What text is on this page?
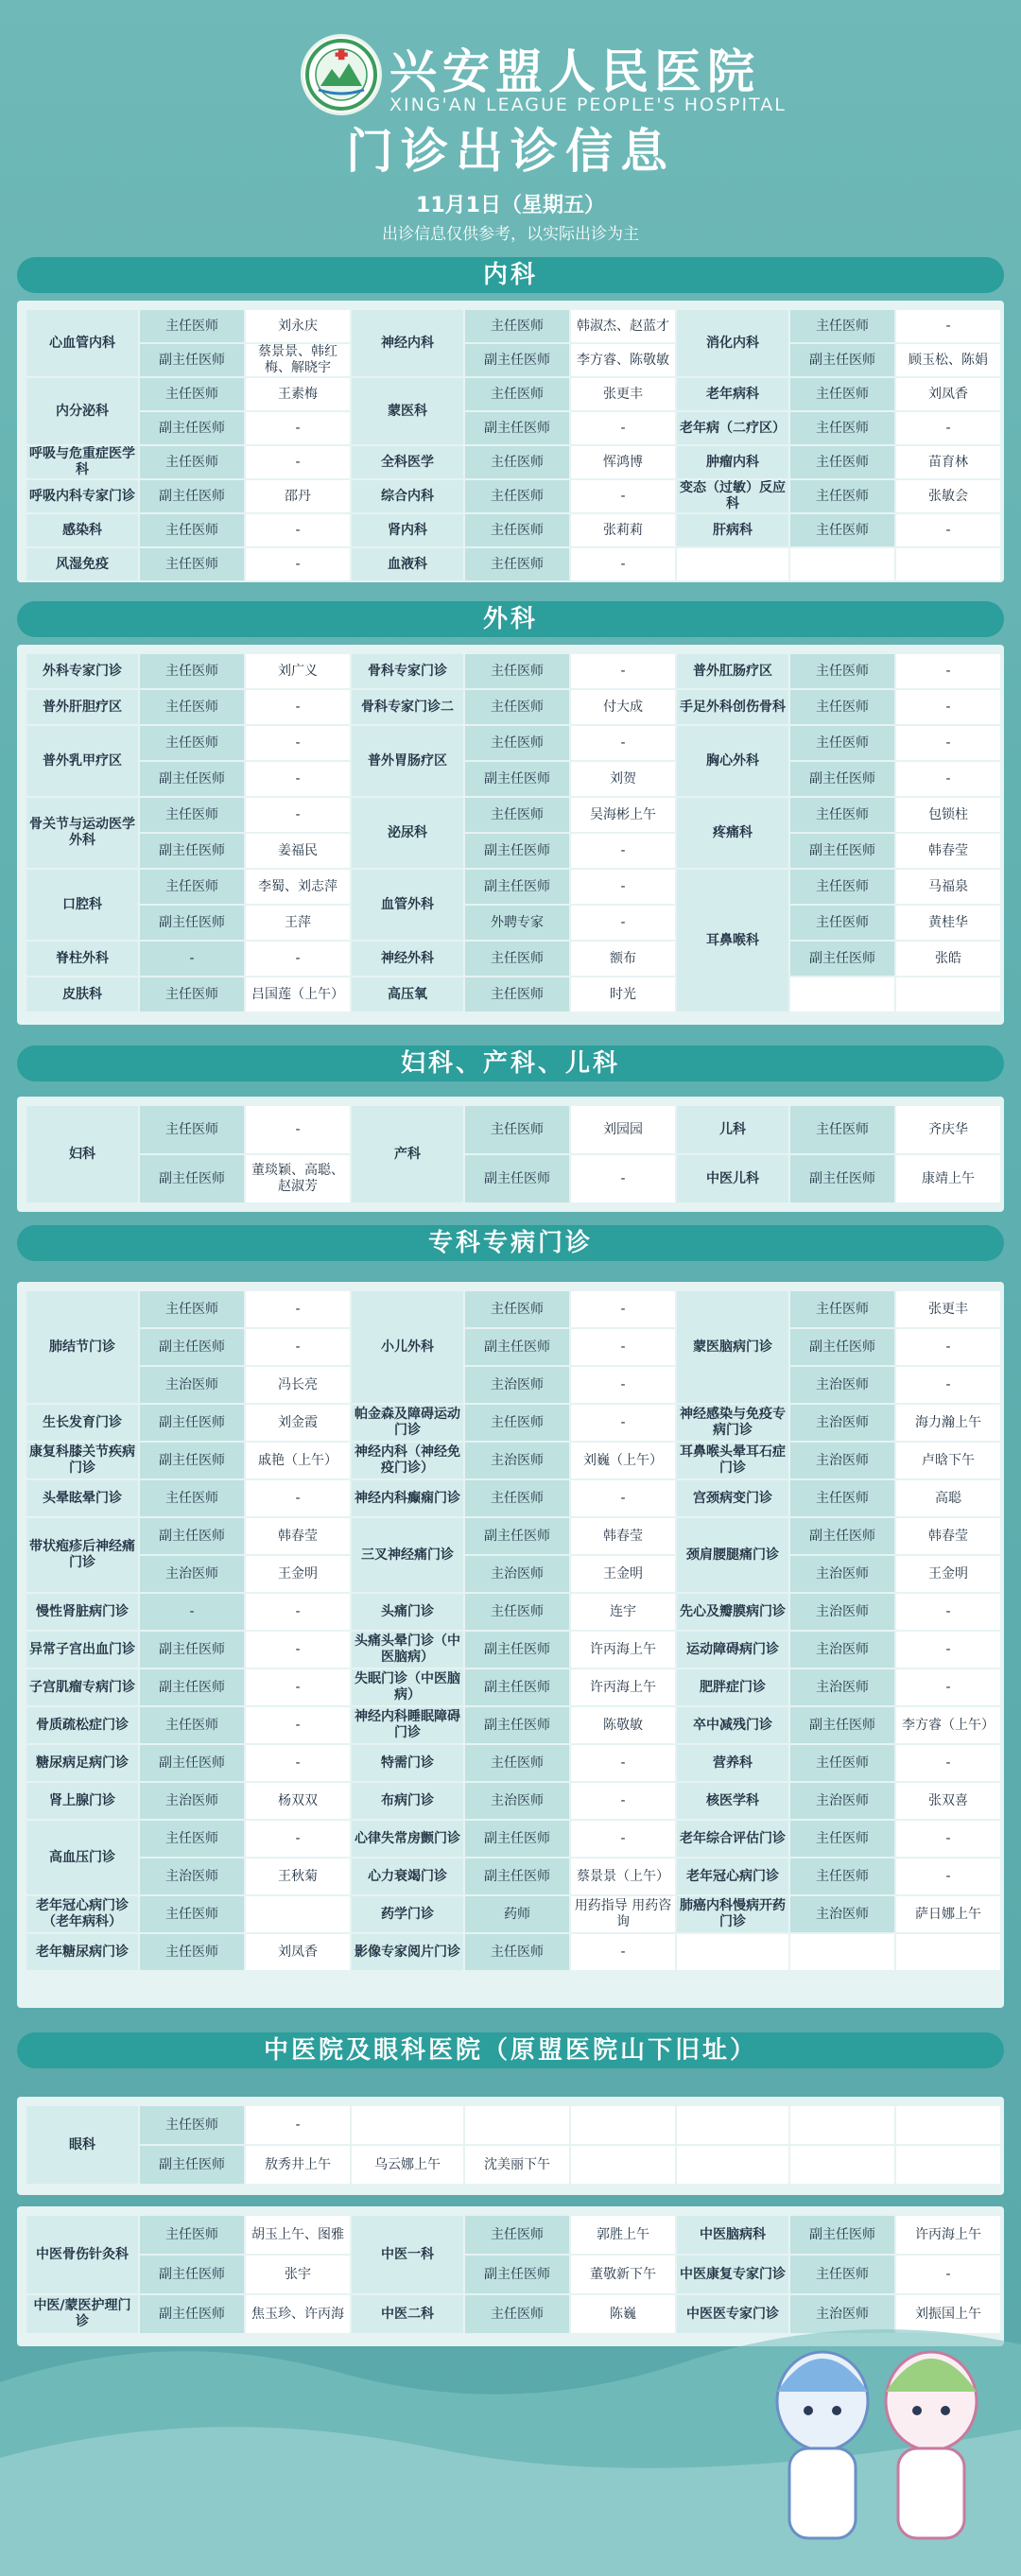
兴安盟人民医院
XING'AN LEAGUE PEOPLE'S HOSPITAL
门诊出诊信息
11月1日（星期五）
出诊信息仅供参考，以实际出诊为主
内科
心血管内科	主任医师	刘永庆	神经内科	主任医师	韩淑杰、赵蓝才	消化内科	主任医师	-
	副主任医师	蔡景景、韩红梅、解晓宇		副主任医师	李方睿、陈敬敏		副主任医师	顾玉松、陈娟
内分泌科	主任医师	王素梅	蒙医科	主任医师	张更丰	老年病科	主任医师	刘凤香
	副主任医师	-		副主任医师	-	老年病（二疗区）	主任医师	-
呼吸与危重症医学科	主任医师	-	全科医学	主任医师	恽鸿博	肿瘤内科	主任医师	苗育林
呼吸内科专家门诊	副主任医师	邵丹	综合内科	主任医师	-	变态（过敏）反应科	主任医师	张敏会
感染科	主任医师	-	肾内科	主任医师	张莉莉	肝病科	主任医师	-
风湿免疫	主任医师	-	血液科	主任医师	-			
外科
外科专家门诊	主任医师	刘广义	骨科专家门诊	主任医师	-	普外肛肠疗区	主任医师	-
普外肝胆疗区	主任医师	-	骨科专家门诊二	主任医师	付大成	手足外科创伤骨科	主任医师	-
普外乳甲疗区	主任医师	-	普外胃肠疗区	主任医师	-	胸心外科	主任医师	-
	副主任医师	-		副主任医师	刘贺		副主任医师	-
骨关节与运动医学外科	主任医师	-	泌尿科	主任医师	吴海彬上午	疼痛科	主任医师	包锁柱
	副主任医师	姜福民		副主任医师	-		副主任医师	韩春莹
口腔科	主任医师	李蜀、刘志萍	血管外科	副主任医师	-	耳鼻喉科	主任医师	马福泉
	副主任医师	王萍		外聘专家	-		主任医师	黄桂华
脊柱外科	-	-	神经外科	主任医师	额布		副主任医师	张皓
皮肤科	主任医师	吕国莲（上午）	高压氧	主任医师	时光			
妇科、产科、儿科
妇科	主任医师	-	产科	主任医师	刘园园	儿科	主任医师	齐庆华
	副主任医师	董琰颖、高聪、赵淑芳		副主任医师	-	中医儿科	副主任医师	康靖上午
专科专病门诊
肺结节门诊	主任医师	-	小儿外科	主任医师	-	蒙医脑病门诊	主任医师	张更丰
	副主任医师	-		副主任医师	-		副主任医师	-
	主治医师	冯长亮		主治医师	-		主治医师	-
生长发育门诊	副主任医师	刘金霞	帕金森及障碍运动门诊	主任医师	-	神经感染与免疫专病门诊	主治医师	海力瀚上午
康复科膝关节疾病门诊	副主任医师	戚艳（上午）	神经内科（神经免疫门诊）	主治医师	刘巍（上午）	耳鼻喉头晕耳石症门诊	主治医师	卢晗下午
头晕眩晕门诊	主任医师	-	神经内科癫痫门诊	主任医师	-	宫颈病变门诊	主任医师	高聪
带状疱疹后神经痛门诊	副主任医师	韩春莹	三叉神经痛门诊	副主任医师	韩春莹	颈肩腰腿痛门诊	副主任医师	韩春莹
	主治医师	王金明		主治医师	王金明		主治医师	王金明
慢性肾脏病门诊	-	-	头痛门诊	主任医师	连宇	先心及瓣膜病门诊	主治医师	-
异常子宫出血门诊	副主任医师	-	头痛头晕门诊（中医脑病）	副主任医师	许丙海上午	运动障碍病门诊	主治医师	-
子宫肌瘤专病门诊	副主任医师	-	失眠门诊（中医脑病）	副主任医师	许丙海上午	肥胖症门诊	主治医师	-
骨质疏松症门诊	主任医师	-	神经内科睡眠障碍门诊	副主任医师	陈敬敏	卒中减残门诊	副主任医师	李方睿（上午）
糖尿病足病门诊	副主任医师	-	特需门诊	主任医师	-	营养科	主任医师	-
肾上腺门诊	主治医师	杨双双	布病门诊	主治医师	-	核医学科	主治医师	张双喜
高血压门诊	主任医师	-	心律失常房颤门诊	副主任医师	-	老年综合评估门诊	主任医师	-
	主治医师	王秋菊	心力衰竭门诊	副主任医师	蔡景景（上午）	老年冠心病门诊	主任医师	-
老年冠心病门诊（老年病科）	主任医师		药学门诊	药师	用药指导 用药咨询	肺癌内科慢病开药门诊	主治医师	萨日娜上午
老年糖尿病门诊	主任医师	刘凤香	影像专家阅片门诊	主任医师	-			
中医院及眼科医院（原盟医院山下旧址）
眼科	主任医师	-						
	副主任医师	敖秀井上午	乌云娜上午	沈美丽下午				
中医骨伤针灸科	主任医师	胡玉上午、图雅	中医一科	主任医师	郭胜上午	中医脑病科	副主任医师	许丙海上午
	副主任医师	张宇		副主任医师	董敬新下午	中医康复专家门诊	主任医师	-
中医/蒙医护理门诊	副主任医师	焦玉珍、许丙海	中医二科	主任医师	陈巍	中医医专家门诊	主治医师	刘振国上午
